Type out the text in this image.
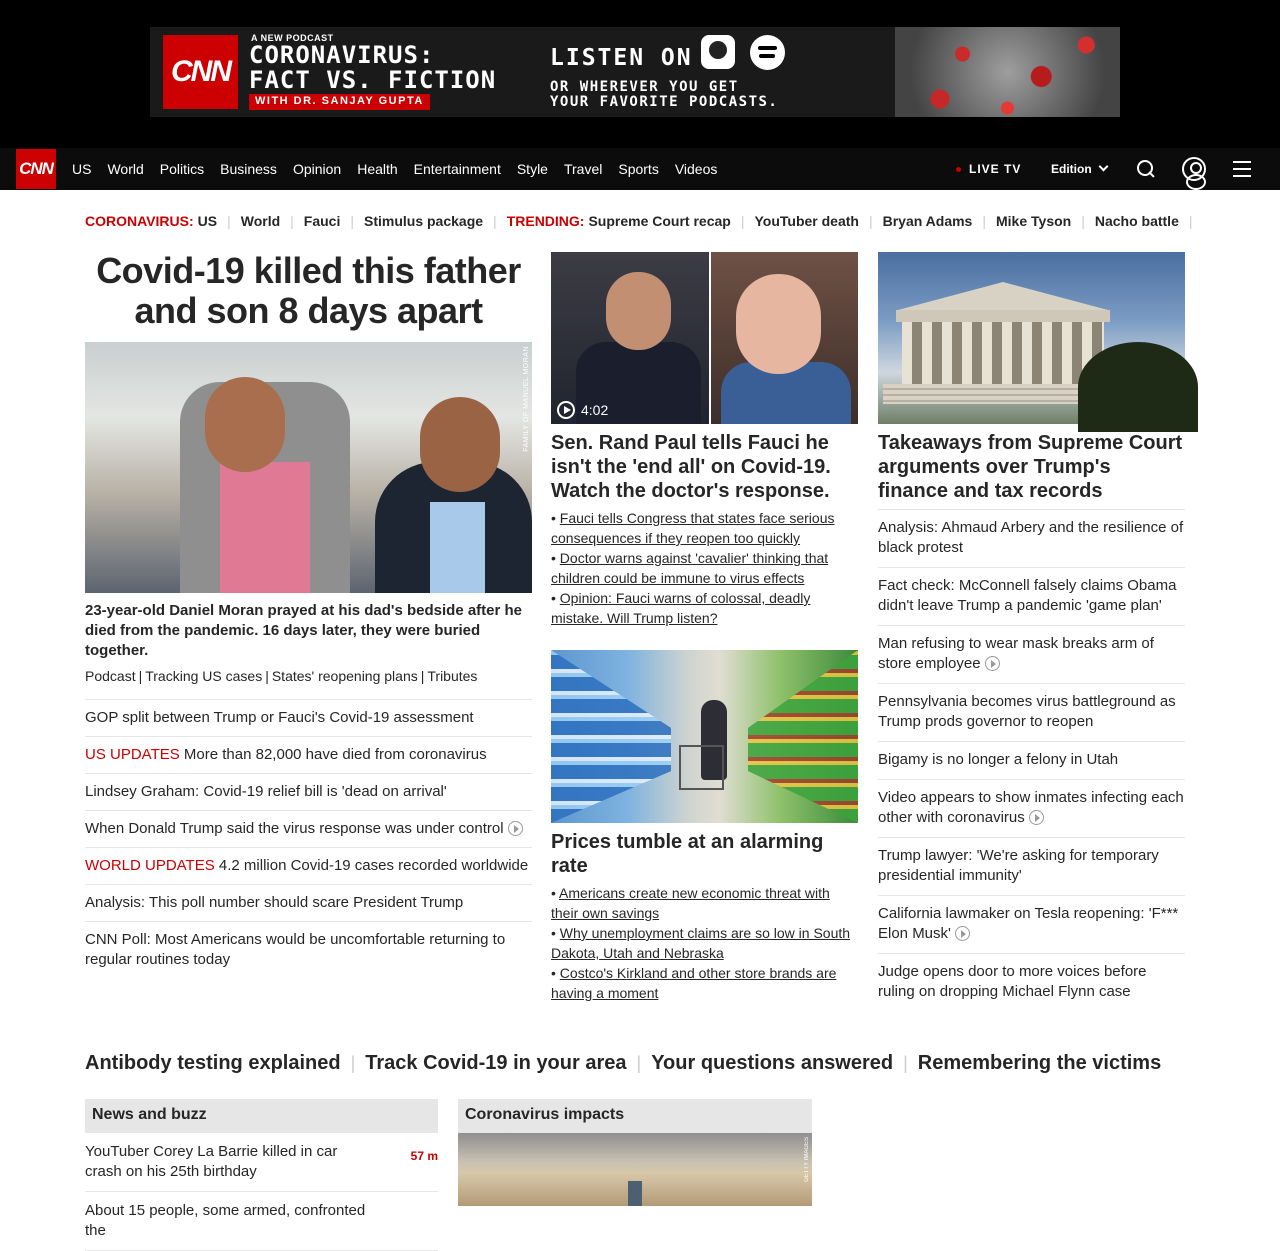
CNN
A NEW PODCAST
CORONAVIRUS:
FACT VS. FICTION
WITH DR. SANJAY GUPTA
LISTEN ON
OR WHEREVER YOU GET
YOUR FAVORITE PODCASTS.
CNN US World Politics Business Opinion Health Entertainment Style Travel Sports Videos	LIVE TV Edition
CORONAVIRUS: US | World | Fauci | Stimulus package | TRENDING: Supreme Court recap | YouTuber death | Bryan Adams | Mike Tyson | Nacho battle |
Covid-19 killed this father and son 8 days apart
FAMILY OF MANUEL MORAN
23-year-old Daniel Moran prayed at his dad's bedside after he died from the pandemic. 16 days later, they were buried together.
Podcast | Tracking US cases | States' reopening plans | Tributes
GOP split between Trump or Fauci's Covid-19 assessment
US UPDATES More than 82,000 have died from coronavirus
Lindsey Graham: Covid-19 relief bill is 'dead on arrival'
When Donald Trump said the virus response was under control
WORLD UPDATES 4.2 million Covid-19 cases recorded worldwide
Analysis: This poll number should scare President Trump
CNN Poll: Most Americans would be uncomfortable returning to regular routines today
4:02
Sen. Rand Paul tells Fauci he isn't the 'end all' on Covid-19. Watch the doctor's response.
• Fauci tells Congress that states face serious consequences if they reopen too quickly
• Doctor warns against 'cavalier' thinking that children could be immune to virus effects
• Opinion: Fauci warns of colossal, deadly mistake. Will Trump listen?
Prices tumble at an alarming rate
• Americans create new economic threat with their own savings
• Why unemployment claims are so low in South Dakota, Utah and Nebraska
• Costco's Kirkland and other store brands are having a moment
Takeaways from Supreme Court arguments over Trump's finance and tax records
Analysis: Ahmaud Arbery and the resilience of black protest
Fact check: McConnell falsely claims Obama didn't leave Trump a pandemic 'game plan'
Man refusing to wear mask breaks arm of store employee
Pennsylvania becomes virus battleground as Trump prods governor to reopen
Bigamy is no longer a felony in Utah
Video appears to show inmates infecting each other with coronavirus
Trump lawyer: 'We're asking for temporary presidential immunity'
California lawmaker on Tesla reopening: 'F*** Elon Musk'
Judge opens door to more voices before ruling on dropping Michael Flynn case
Antibody testing explained | Track Covid-19 in your area | Your questions answered | Remembering the victims
News and buzz
YouTuber Corey La Barrie killed in car crash on his 25th birthday
57 m
About 15 people, some armed, confronted the
Coronavirus impacts
GETTY IMAGES
